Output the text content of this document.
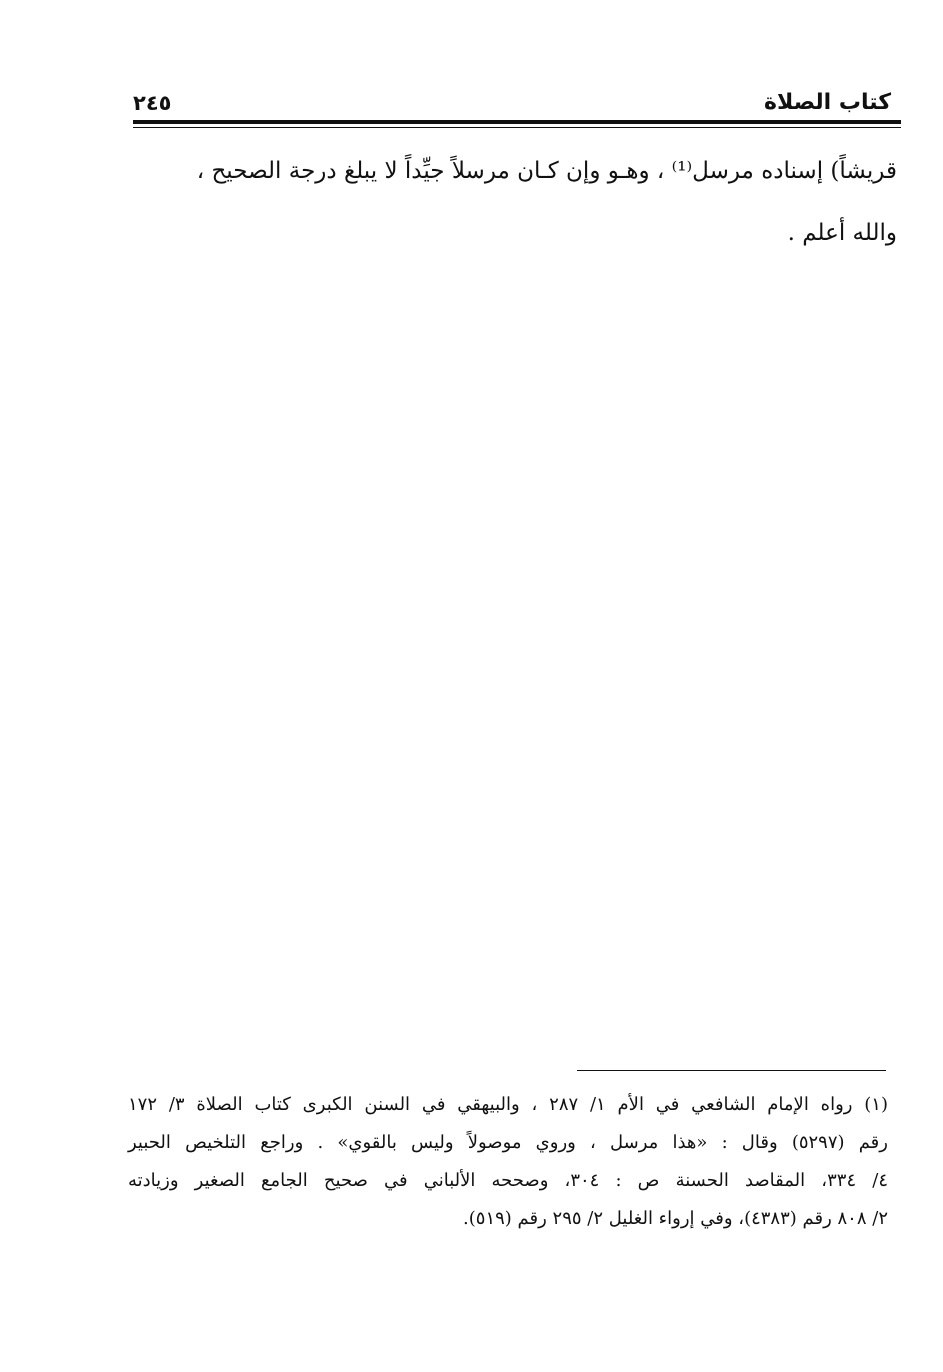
كتاب الصلاة
٢٤٥
قريشاً) إسناده مرسل⁽¹⁾ ، وهـو وإن كـان مرسلاً جيِّداً لا يبلغ درجة الصحيح ،
والله أعلم .
(١) رواه الإمام الشافعي في الأم ١/ ٢٨٧ ، والبيهقي في السنن الكبرى كتاب الصلاة ٣/ ١٧٢
رقم (٥٢٩٧) وقال : «هذا مرسل ، وروي موصولاً وليس بالقوي» . وراجع التلخيص الحبير
٤/ ٣٣٤، المقاصد الحسنة ص : ٣٠٤، وصححه الألباني في صحيح الجامع الصغير وزيادته
٢/ ٨٠٨ رقم (٤٣٨٣)، وفي إرواء الغليل ٢/ ٢٩٥ رقم (٥١٩).
